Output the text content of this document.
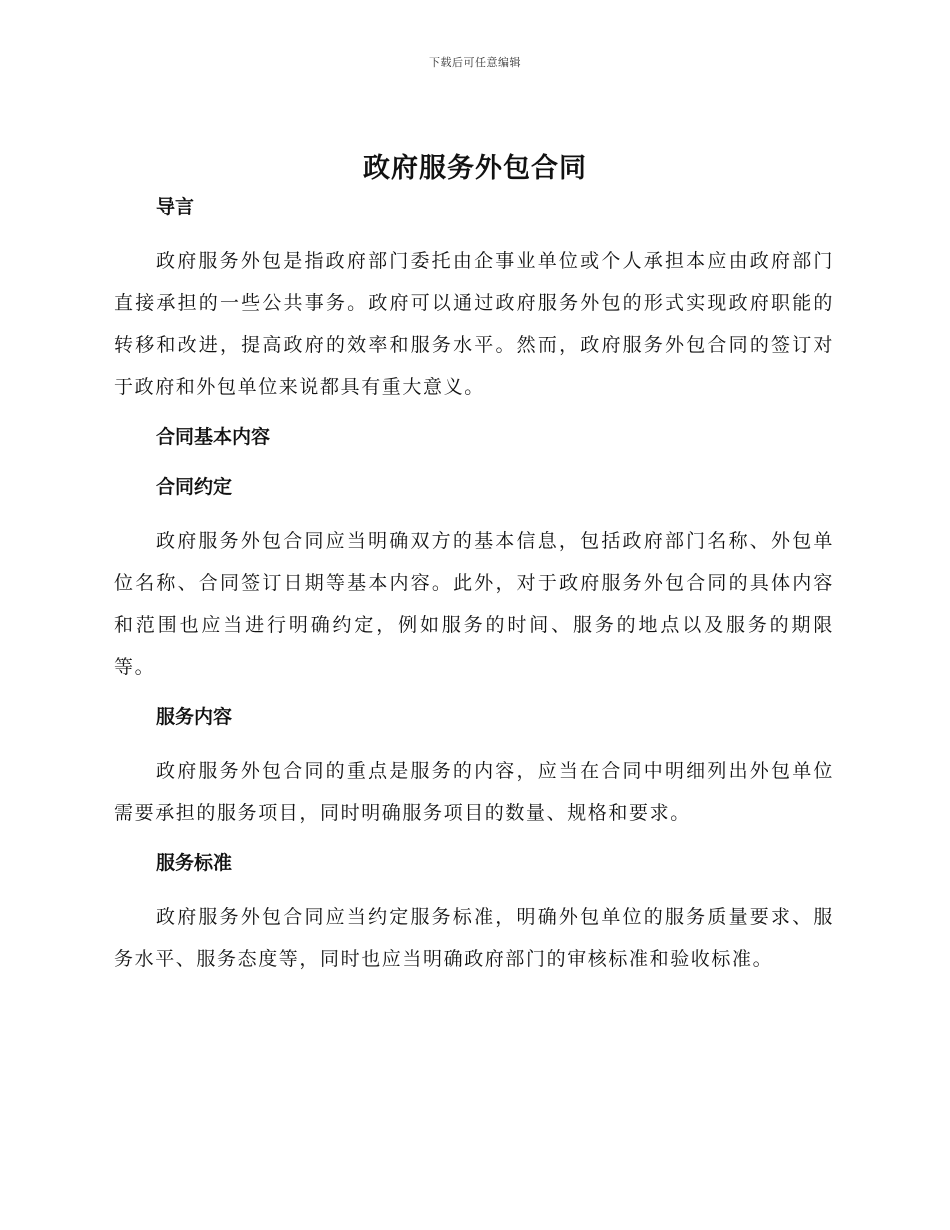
下载后可任意编辑
政府服务外包合同
导言

政府服务外包是指政府部门委托由企事业单位或个人承担本应由政府部门直接承担的一些公共事务。政府可以通过政府服务外包的形式实现政府职能的转移和改进，提高政府的效率和服务水平。然而，政府服务外包合同的签订对于政府和外包单位来说都具有重大意义。

合同基本内容
合同约定

政府服务外包合同应当明确双方的基本信息，包括政府部门名称、外包单位名称、合同签订日期等基本内容。此外，对于政府服务外包合同的具体内容和范围也应当进行明确约定，例如服务的时间、服务的地点以及服务的期限等。

服务内容

政府服务外包合同的重点是服务的内容，应当在合同中明细列出外包单位需要承担的服务项目，同时明确服务项目的数量、规格和要求。

服务标准

政府服务外包合同应当约定服务标准，明确外包单位的服务质量要求、服务水平、服务态度等，同时也应当明确政府部门的审核标准和验收标准。
